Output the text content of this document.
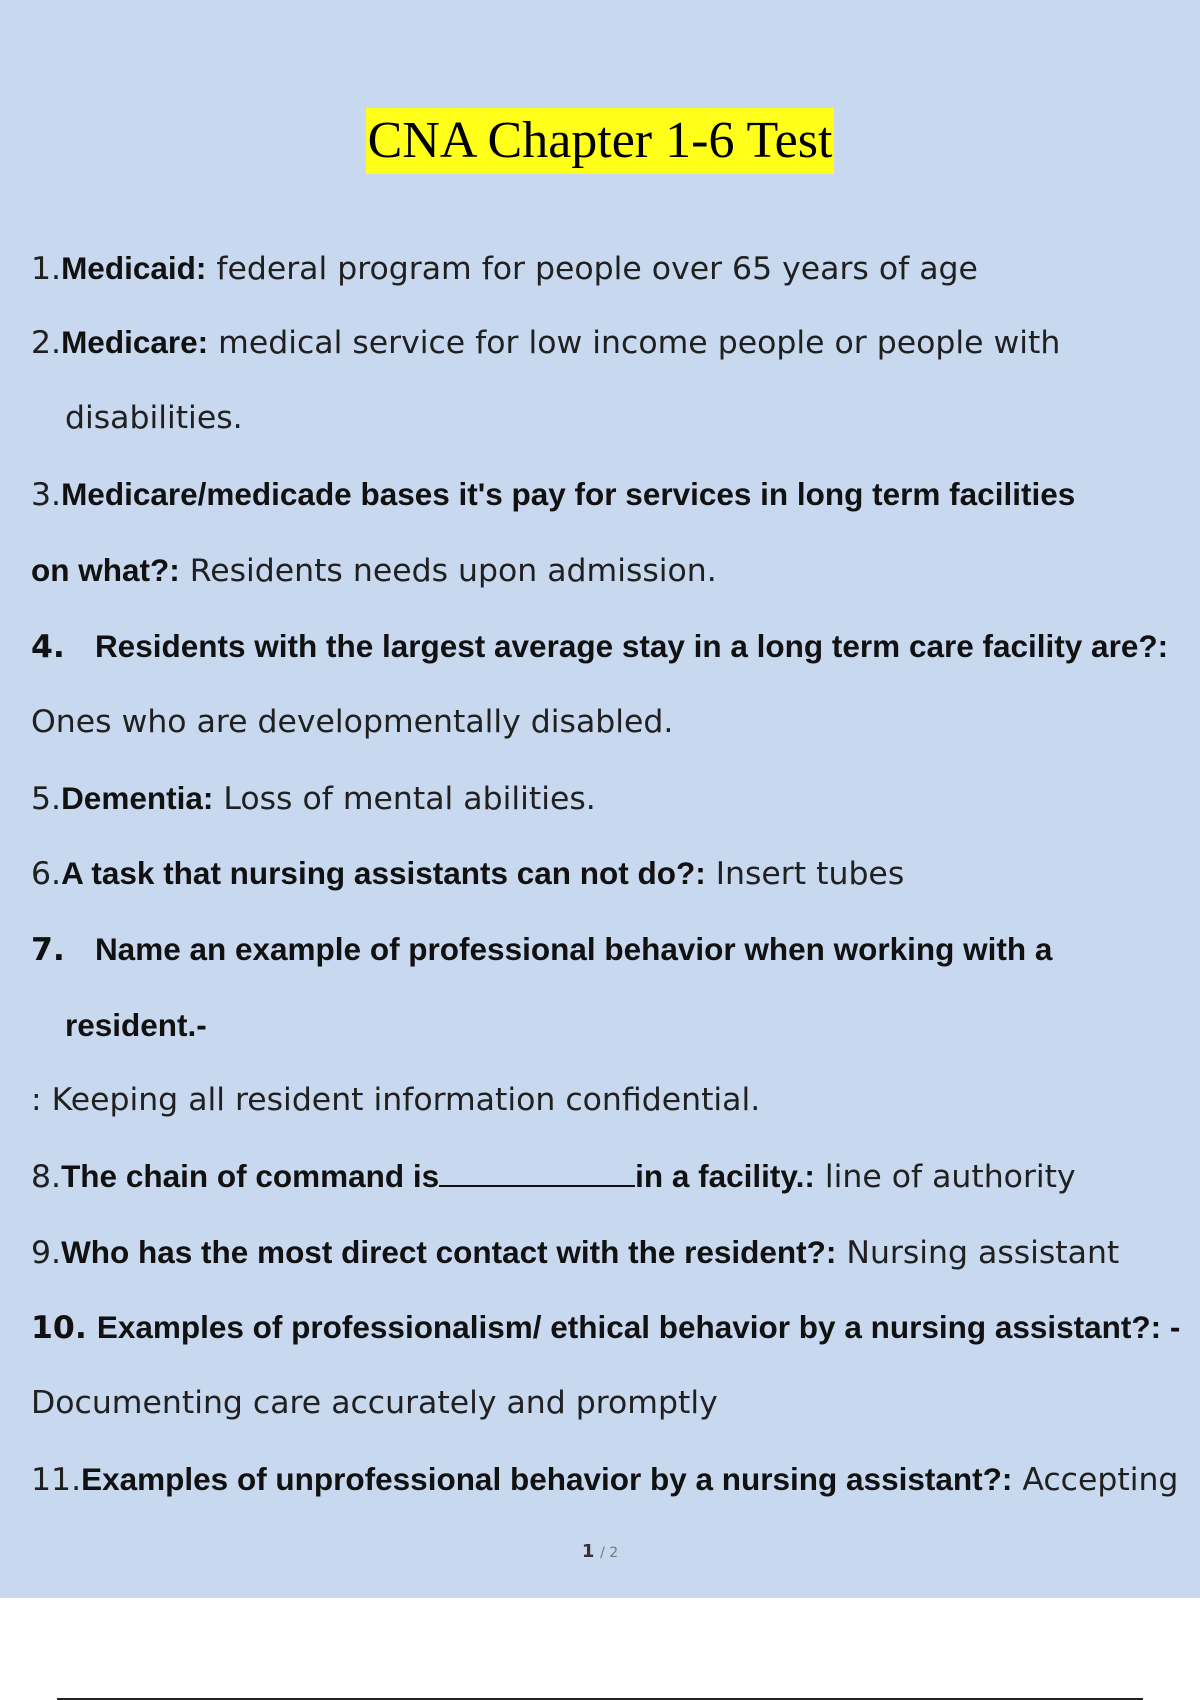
CNA Chapter 1-6 Test
1.Medicaid: federal program for people over 65 years of age
2.Medicare: medical service for low income people or people with
disabilities.
3.Medicare/medicade bases it's pay for services in long term facilities
on what?: Residents needs upon admission.
4. Residents with the largest average stay in a long term care facility are?:
Ones who are developmentally disabled.
5.Dementia: Loss of mental abilities.
6.A task that nursing assistants can not do?: Insert tubes
7. Name an example of professional behavior when working with a
resident.-
: Keeping all resident information confidential.
8.The chain of command is	in a facility.: line of authority
9.Who has the most direct contact with the resident?: Nursing assistant
10. Examples of professionalism/ ethical behavior by a nursing assistant?: -
Documenting care accurately and promptly
11.Examples of unprofessional behavior by a nursing assistant?: Accepting
1 / 2
